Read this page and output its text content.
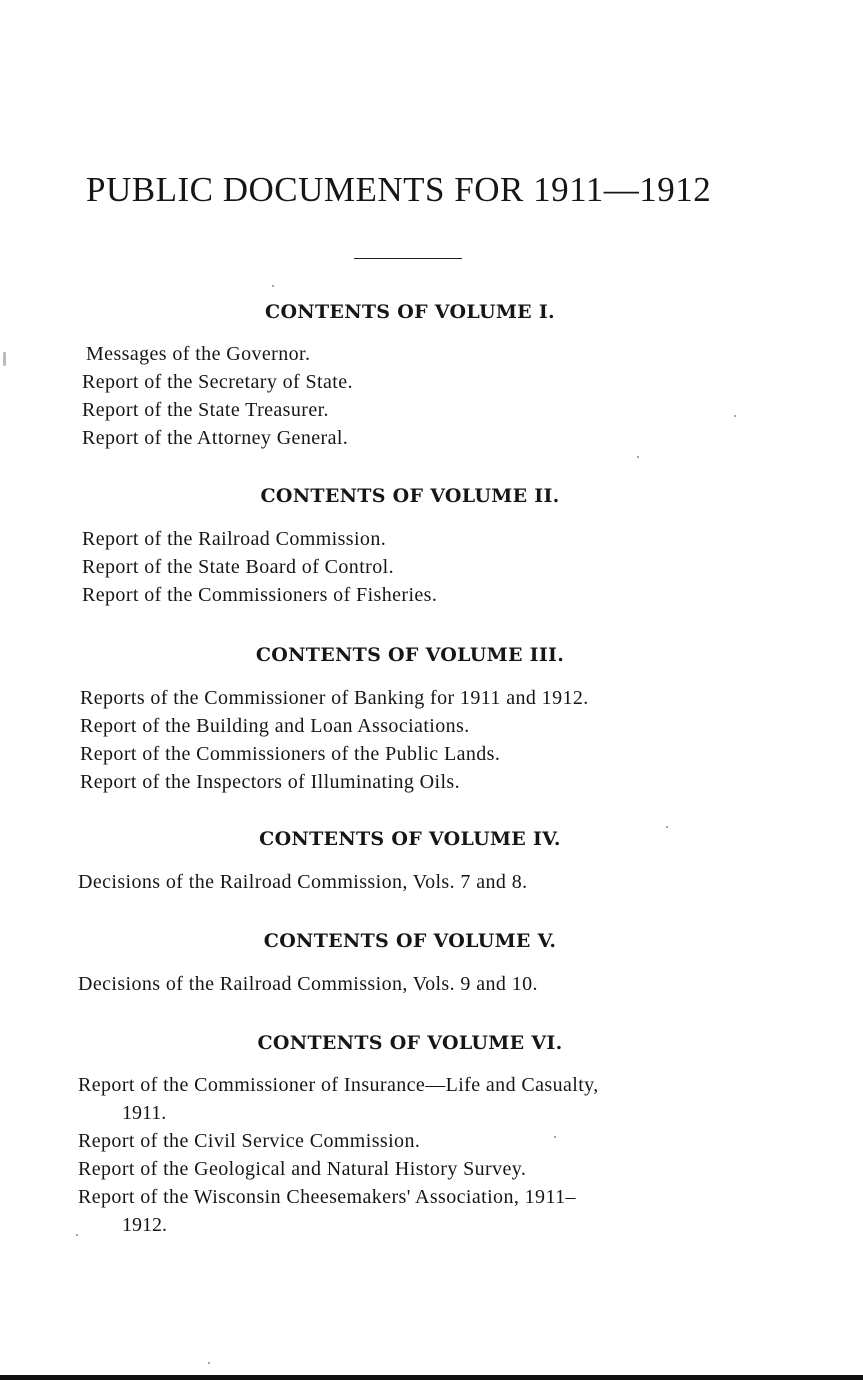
PUBLIC DOCUMENTS FOR 1911—1912
CONTENTS OF VOLUME I.
Messages of the Governor.
Report of the Secretary of State.
Report of the State Treasurer.
Report of the Attorney General.
CONTENTS OF VOLUME II.
Report of the Railroad Commission.
Report of the State Board of Control.
Report of the Commissioners of Fisheries.
CONTENTS OF VOLUME III.
Reports of the Commissioner of Banking for 1911 and 1912.
Report of the Building and Loan Associations.
Report of the Commissioners of the Public Lands.
Report of the Inspectors of Illuminating Oils.
CONTENTS OF VOLUME IV.
Decisions of the Railroad Commission, Vols. 7 and 8.
CONTENTS OF VOLUME V.
Decisions of the Railroad Commission, Vols. 9 and 10.
CONTENTS OF VOLUME VI.
Report of the Commissioner of Insurance—Life and Casualty,
1911.
Report of the Civil Service Commission.
Report of the Geological and Natural History Survey.
Report of the Wisconsin Cheesemakers' Association, 1911–
1912.
